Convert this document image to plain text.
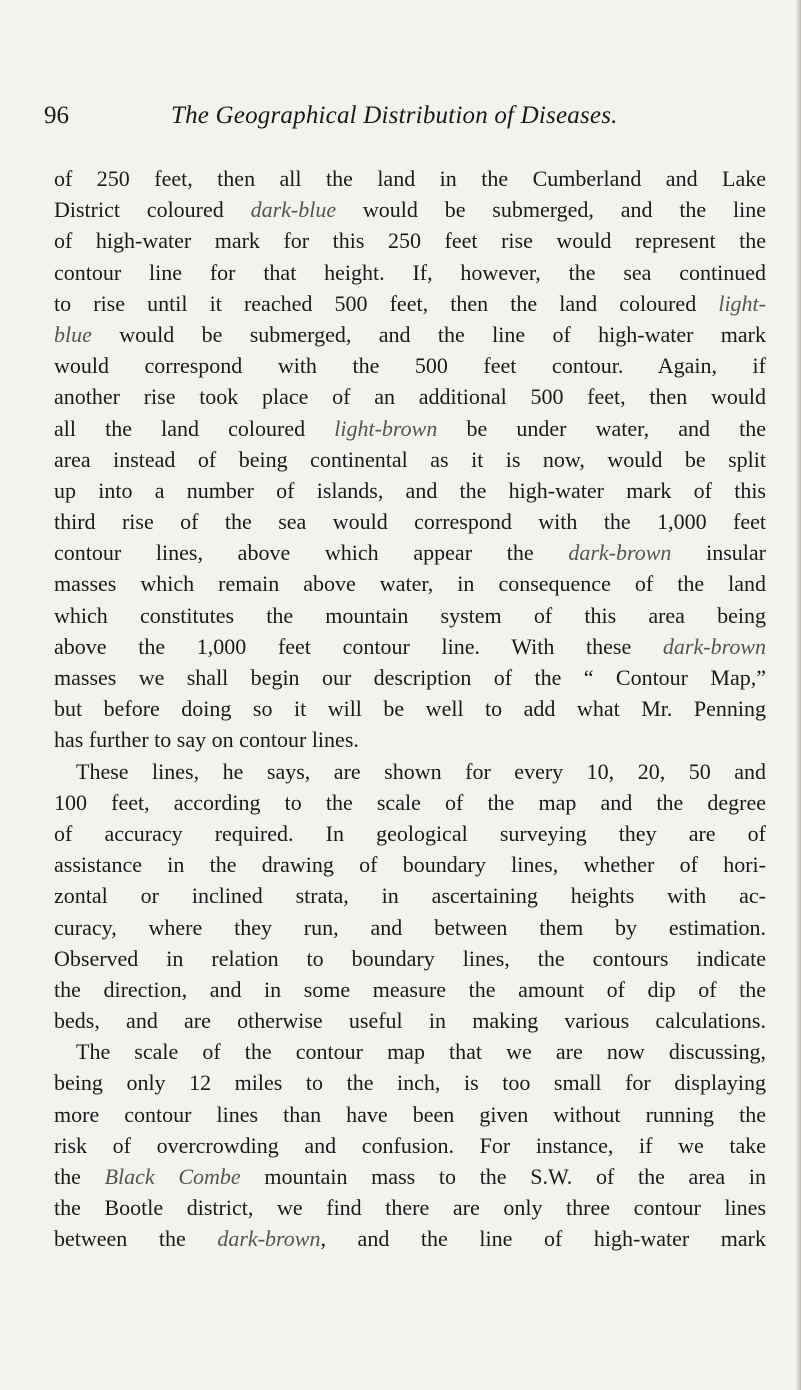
96	The Geographical Distribution of Diseases.
of 250 feet, then all the land in the Cumberland and Lake
District coloured dark-blue would be submerged, and the line
of high-water mark for this 250 feet rise would represent the
contour line for that height. If, however, the sea continued
to rise until it reached 500 feet, then the land coloured light-
blue would be submerged, and the line of high-water mark
would correspond with the 500 feet contour. Again, if
another rise took place of an additional 500 feet, then would
all the land coloured light-brown be under water, and the
area instead of being continental as it is now, would be split
up into a number of islands, and the high-water mark of this
third rise of the sea would correspond with the 1,000 feet
contour lines, above which appear the dark-brown insular
masses which remain above water, in consequence of the land
which constitutes the mountain system of this area being
above the 1,000 feet contour line. With these dark-brown
masses we shall begin our description of the “ Contour Map,”
but before doing so it will be well to add what Mr. Penning
has further to say on contour lines.
These lines, he says, are shown for every 10, 20, 50 and
100 feet, according to the scale of the map and the degree
of accuracy required. In geological surveying they are of
assistance in the drawing of boundary lines, whether of hori-
zontal or inclined strata, in ascertaining heights with ac-
curacy, where they run, and between them by estimation.
Observed in relation to boundary lines, the contours indicate
the direction, and in some measure the amount of dip of the
beds, and are otherwise useful in making various calculations.
The scale of the contour map that we are now discussing,
being only 12 miles to the inch, is too small for displaying
more contour lines than have been given without running the
risk of overcrowding and confusion. For instance, if we take
the Black Combe mountain mass to the S.W. of the area in
the Bootle district, we find there are only three contour lines
between the dark-brown, and the line of high-water mark
